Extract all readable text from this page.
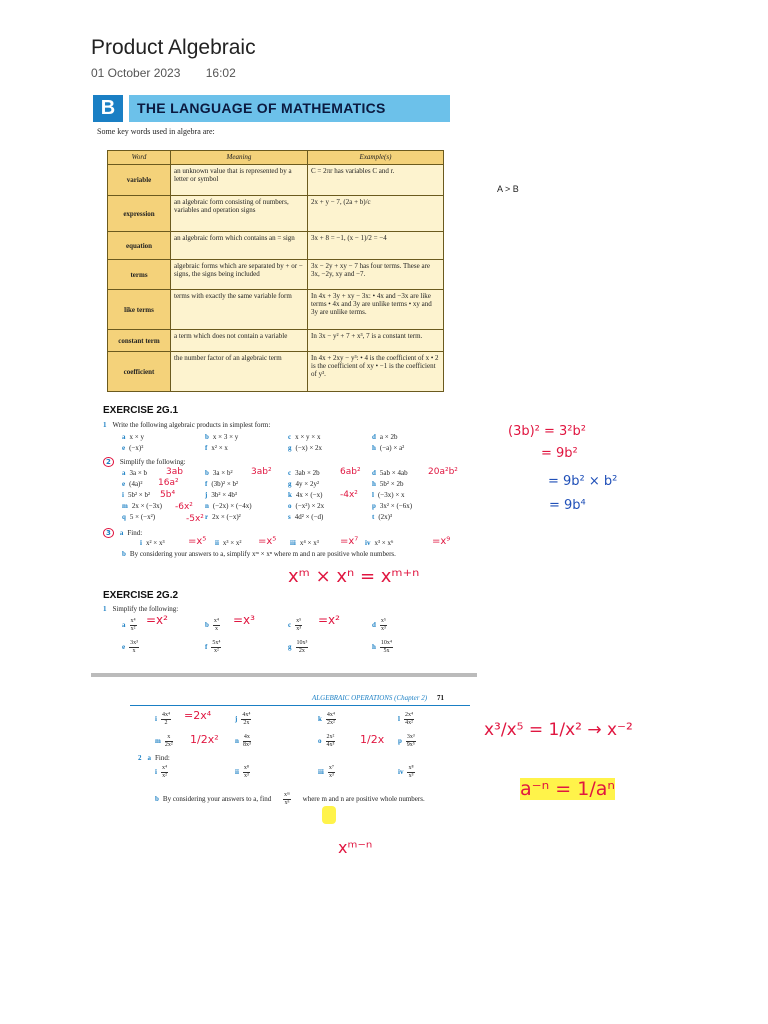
Product Algebraic
01 October 2023 16:02
B	THE LANGUAGE OF MATHEMATICS
Some key words used in algebra are:
Word	Meaning	Example(s)
variable	an unknown value that is represented by a letter or symbol	C = 2πr has variables C and r.
expression	an algebraic form consisting of numbers, variables and operation signs	2x + y − 7, (2a + b)/c
equation	an algebraic form which contains an = sign	3x + 8 = −1, (x − 1)/2 = −4
terms	algebraic forms which are separated by + or − signs, the signs being included	3x − 2y + xy − 7 has four terms. These are 3x, −2y, xy and −7.
like terms	terms with exactly the same variable form	In 4x + 3y + xy − 3x: • 4x and −3x are like terms • 4x and 3y are unlike terms • xy and 3y are unlike terms.
constant term	a term which does not contain a variable	In 3x − y² + 7 + x³, 7 is a constant term.
coefficient	the number factor of an algebraic term	In 4x + 2xy − y³: • 4 is the coefficient of x • 2 is the coefficient of xy • −1 is the coefficient of y³.
A > B
EXERCISE 2G.1
1 Write the following algebraic products in simplest form:
2 Simplify the following:
3 a Find:
b By considering your answers to a, simplify xᵐ × xⁿ where m and n are positive whole numbers.
EXERCISE 2G.2
1 Simplify the following:
ALGEBRAIC OPERATIONS (Chapter 2) 71
2 a Find:
b By considering your answers to a, find $\frac{\text{xᵐ}}{\text{xⁿ}}$ where m and n are positive whole numbers.
3ab	3ab²	6ab²	20a²b²
16a²
5b⁴	-4x²
-6x²
-5x²
=x⁵	=x⁵	=x⁷	=x⁹
xᵐ × xⁿ = xᵐ⁺ⁿ
=x²	=x³	=x²
=2x⁴
1/2x²	1/2x
xᵐ⁻ⁿ
(3b)² = 3²b²
= 9b²
= 9b² × b²
= 9b⁴
x³/x⁵ = 1/x² → x⁻²
a⁻ⁿ = 1/aⁿ
a x × y	b x × 3 × y	c x × y × x	d a × 2b
e (−x)²	f x² × x	g (−x) × 2x	h (−a) × a²
a 3a × b	b 3a × b²	c 3ab × 2b	d 5ab × 4ab
e (4a)²	f (3b)² × b²	g 4y × 2y²	h 5b² × 2b
i 5b² × b²	j 3b² × 4b³	k 4x × (−x)	l (−3x) × x
m 2x × (−3x)	n (−2x) × (−4x)	o (−x²) × 2x	p 3x² × (−6x)
q 5 × (−x²)	r 2x × (−x)²	s 4d² × (−d)	t (2x)³
i x² × x³	ii x³ × x²	iii x⁴ × x³	iv x³ × x⁶
a $\frac{\text{x⁴}}{\text{x²}}$	b $\frac{\text{x⁴}}{x}$	c $\frac{\text{x⁵}}{\text{x³}}$	d $\frac{\text{x⁵}}{\text{x³}}$
e $\frac{\text{3x³}}{x}$	f $\frac{\text{5x⁴}}{\text{x²}}$	g $\frac{\text{10x³}}{2x}$	h $\frac{\text{10x⁴}}{5x}$
i $\frac{\text{4x⁴}}{2}$	j $\frac{\text{4x⁴}}{2x}$	k $\frac{\text{4x⁴}}{\text{2x²}}$	l $\frac{\text{2x⁴}}{\text{4x²}}$
m $\frac{x}{\text{2x²}}$	n $\frac{4x}{\text{8x³}}$	o $\frac{\text{2x²}}{\text{4x³}}$	p $\frac{\text{3x³}}{\text{9x⁵}}$
i $\frac{\text{x⁴}}{\text{x²}}$	ii $\frac{\text{x⁸}}{\text{x³}}$	iii $\frac{\text{x⁷}}{\text{x³}}$	iv $\frac{\text{x⁸}}{\text{x³}}$
